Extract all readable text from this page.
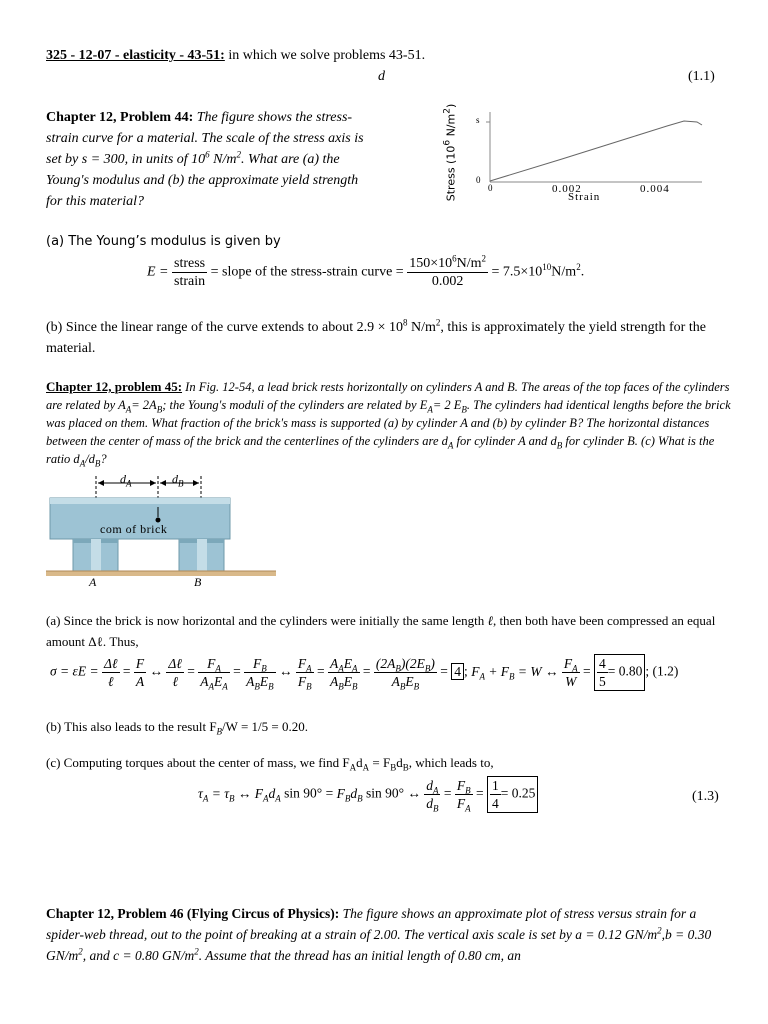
325 - 12-07 - elasticity - 43-51: in which we solve problems 43-51.
d	(1.1)
Chapter 12, Problem 44: The figure shows the stress-strain curve for a material. The scale of the stress axis is set by s = 300, in units of $10^6$ $N/m^2$. What are (a) the Young's modulus and (b) the approximate yield strength for this material?
Stress ($10^6$ $N/m^2$)
s
0
0	0.002	0.004
Strain
(a) The Young’s modulus is given by
$E = \frac{\text{stress}}{\text{strain}}$ = slope of the stress-strain curve = $\frac{150\times 10^6N/m^2}{0.002} = 7.5\times 10^{10}N/m^2$.
(b) Since the linear range of the curve extends to about $2.9 \times 10^8$ $N/m^2$, this is approximately the yield strength for the material.
Chapter 12, problem 45: In Fig. 12-54, a lead brick rests horizontally on cylinders A and B. The areas of the top faces of the cylinders are related by $A_A= 2A_B$; the Young's moduli of the cylinders are related by $E_A= 2$ $E_B$. The cylinders had identical lengths before the brick was placed on them. What fraction of the brick's mass is supported (a) by cylinder A and (b) by cylinder B? The horizontal distances between the center of mass of the brick and the centerlines of the cylinders are $d_A$ for cylinder A and $d_B$ for cylinder B. (c) What is the ratio $d_A/d_B$?
$d_A$	$d_B$
com of brick
A	B
(a) Since the brick is now horizontal and the cylinders were initially the same length ℓ, then both have been compressed an equal amount Δℓ. Thus,
$\sigma = \varepsilon E = \frac{\text{Δℓ}}{\text{ℓ}} = \frac{F}{A}$ ↔ $\frac{\text{Δℓ}}{\text{ℓ}} = \frac{F_A}{A_AE_A} = \frac{F_B}{A_BE_B}$ ↔ $\frac{F_A}{F_B} = \frac{A_AE_A}{A_BE_B} = \frac{(2A_B)(2E_B)}{A_BE_B} = 4$ ; $F_A + F_B = W$ ↔ $\frac{F_A}{W} = \frac{4}{5} = 0.80$ ; (1.2)
(b) This also leads to the result $F_B/W = 1/5 = 0.20$.
(c) Computing torques about the center of mass, we find $F_Ad_A = F_Bd_B$, which leads to,
$\tau_A = \tau_B$ ↔ $F_Ad_A$ $\sin 90^\circ = F_Bd_B$ sin 90° ↔ $\frac{d_A}{d_B} = \frac{F_B}{F_A} = \frac{1}{4} = 0.25$	(1.3)
Chapter 12, Problem 46 (Flying Circus of Physics): The figure shows an approximate plot of stress versus strain for a spider-web thread, out to the point of breaking at a strain of 2.00. The vertical axis scale is set by a = 0.12 $GN/m^2,b = 0.30$ $GN/m^2$, and c = 0.80 $GN/m^2$. Assume that the thread has an initial length of 0.80 cm, an
